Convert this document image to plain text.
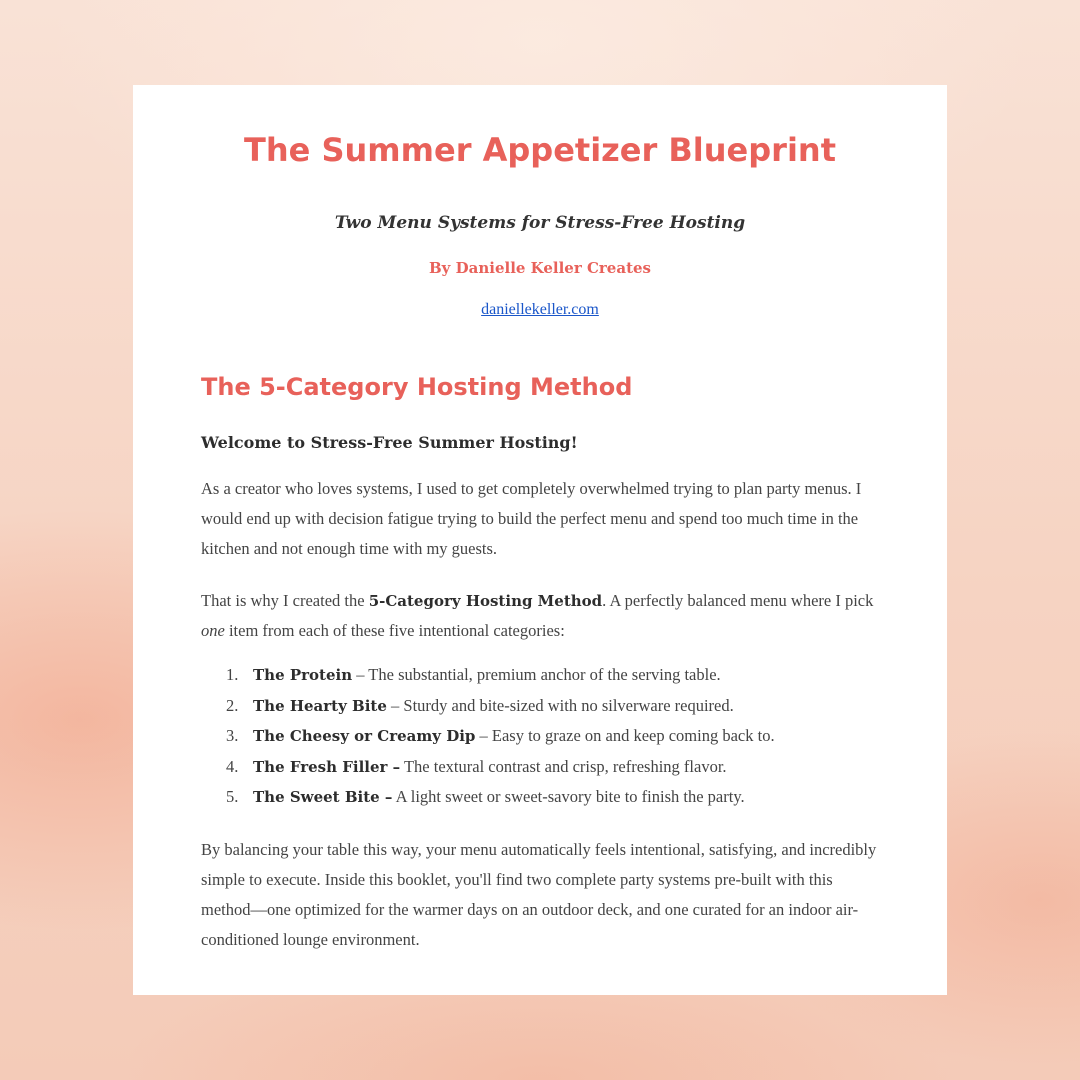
The Summer Appetizer Blueprint
Two Menu Systems for Stress-Free Hosting
By Danielle Keller Creates
daniellekeller.com
The 5-Category Hosting Method
Welcome to Stress-Free Summer Hosting!

As a creator who loves systems, I used to get completely overwhelmed trying to plan party menus. I would end up with decision fatigue trying to build the perfect menu and spend too much time in the kitchen and not enough time with my guests.

That is why I created the 5-Category Hosting Method. A perfectly balanced menu where I pick one item from each of these five intentional categories:

1. The Protein – The substantial, premium anchor of the serving table.
2. The Hearty Bite – Sturdy and bite-sized with no silverware required.
3. The Cheesy or Creamy Dip – Easy to graze on and keep coming back to.
4. The Fresh Filler – The textural contrast and crisp, refreshing flavor.
5. The Sweet Bite – A light sweet or sweet-savory bite to finish the party.

By balancing your table this way, your menu automatically feels intentional, satisfying, and incredibly simple to execute. Inside this booklet, you'll find two complete party systems pre-built with this method—one optimized for the warmer days on an outdoor deck, and one curated for an indoor air-conditioned lounge environment.
